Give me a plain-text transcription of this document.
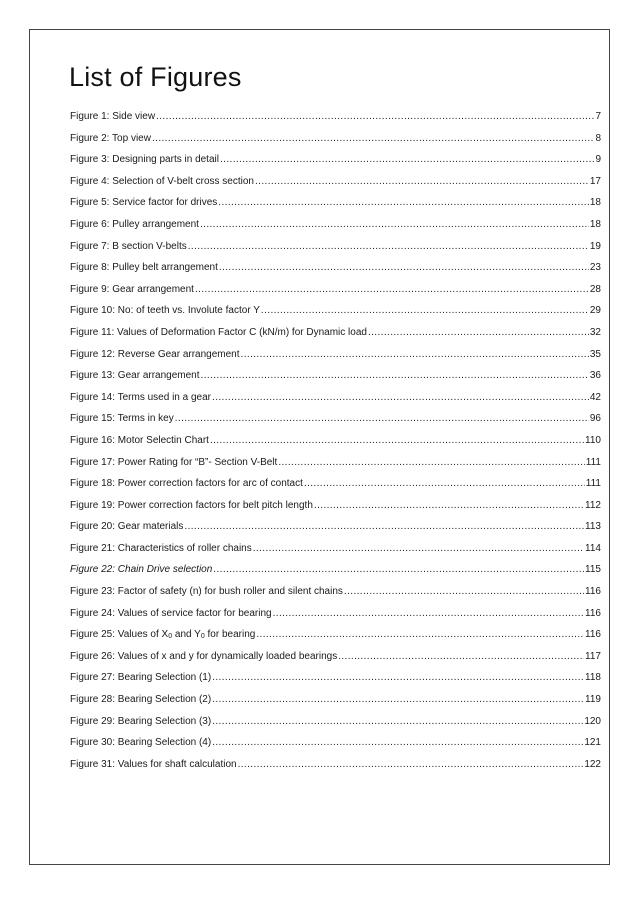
List of Figures
Figure 1: Side view .....	7
Figure 2: Top view .....	8
Figure 3: Designing parts in detail .....	9
Figure 4: Selection of V-belt cross section .....	17
Figure 5: Service factor for drives .....	18
Figure 6: Pulley arrangement .....	18
Figure 7: B section V-belts .....	19
Figure 8: Pulley belt arrangement .....	23
Figure 9: Gear arrangement .....	28
Figure 10: No: of teeth vs. Involute factor Y .....	29
Figure 11: Values of Deformation Factor C (kN/m) for Dynamic load .....	32
Figure 12: Reverse Gear arrangement .....	35
Figure 13: Gear arrangement .....	36
Figure 14: Terms used in a gear .....	42
Figure 15: Terms in key .....	96
Figure 16: Motor Selectin Chart .....	110
Figure 17: Power Rating for “B”- Section V-Belt .....	111
Figure 18: Power correction factors for arc of contact .....	111
Figure 19: Power correction factors for belt pitch length .....	112
Figure 20: Gear materials .....	113
Figure 21: Characteristics of roller chains .....	114
Figure 22: Chain Drive selection .....	115
Figure 23: Factor of safety (n) for bush roller and silent chains .....	116
Figure 24: Values of service factor for bearing .....	116
Figure 25: Values of $X_0$ and $Y_0$ for bearing .....	116
Figure 26: Values of x and y for dynamically loaded bearings .....	117
Figure 27: Bearing Selection (1) .....	118
Figure 28: Bearing Selection (2) .....	119
Figure 29: Bearing Selection (3) .....	120
Figure 30: Bearing Selection (4) .....	121
Figure 31: Values for shaft calculation .....	122
